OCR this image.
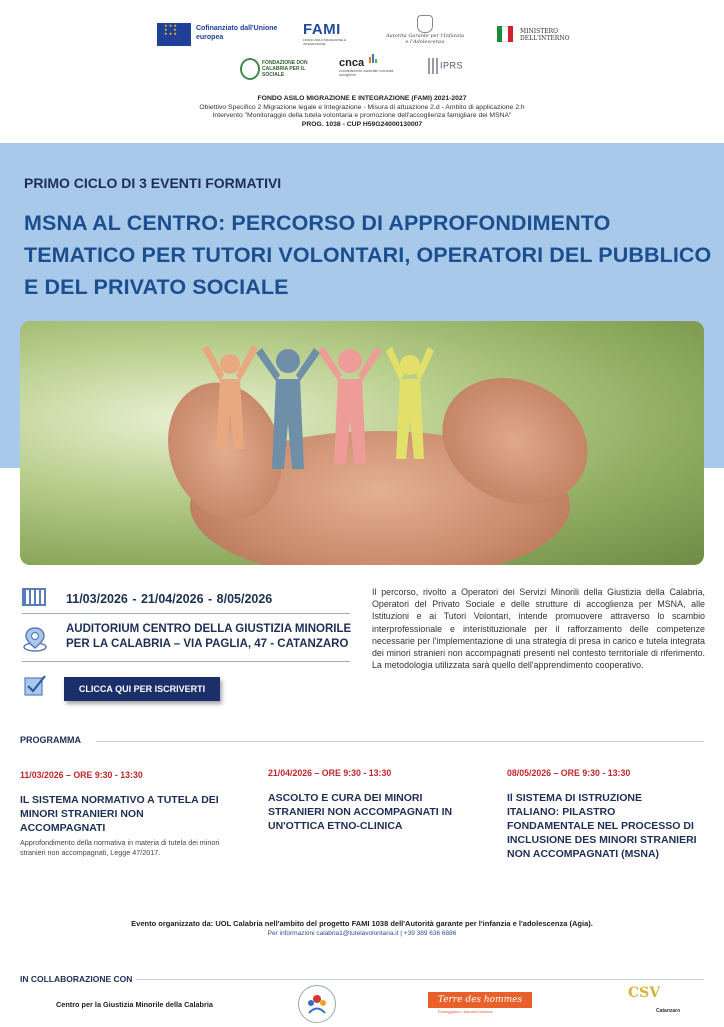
★ ★ ★
★     ★
★ ★ ★
Cofinanziato dall'Unione europea	FAMI
FONDO ASILO MIGRAZIONE E INTEGRAZIONE
Autorità Garante per l'Infanzia e l'Adolescenza
MINISTERO DELL'INTERNO
FONDAZIONE DON CALABRIA PER IL SOCIALE
cnca
coordinamento nazionale comunità accoglienti
IPRS
FONDO ASILO MIGRAZIONE E INTEGRAZIONE (FAMI) 2021-2027
Obiettivo Specifico 2 Migrazione legale e Integrazione - Misura di attuazione 2.d - Ambito di applicazione 2.h
Intervento "Monitoraggio della tutela volontaria e promozione dell'accoglienza famigliare dei MSNA"
PROG. 1038 - CUP H59G24000130007
PRIMO CICLO DI 3 EVENTI FORMATIVI
MSNA AL CENTRO: PERCORSO DI APPROFONDIMENTO TEMATICO PER TUTORI VOLONTARI, OPERATORI DEL PUBBLICO E DEL PRIVATO SOCIALE
11/03/2026 - 21/04/2026 - 8/05/2026
AUDITORIUM CENTRO DELLA GIUSTIZIA MINORILE PER LA CALABRIA – VIA PAGLIA, 47 - CATANZARO
CLICCA QUI PER ISCRIVERTI
Il percorso, rivolto a Operatori dei Servizi Minorili della Giustizia della Calabria, Operatori del Privato Sociale e delle strutture di accoglienza per MSNA, alle Istituzioni e ai Tutori Volontari, intende promuovere attraverso lo scambio interprofessionale e interistituzionale per il rafforzamento delle competenze necessarie per l'implementazione di una strategia di presa in carico e tutela integrata dei minori stranieri non accompagnati presenti nel contesto territoriale di riferimento. La metodologia utilizzata sarà quello dell'apprendimento cooperativo.
PROGRAMMA
11/03/2026 – ORE 9:30 - 13:30
IL SISTEMA NORMATIVO A TUTELA DEI MINORI STRANIERI NON ACCOMPAGNATI
Approfondimento della normativa in materia di tutela dei minori stranieri non accompagnati, Legge 47/2017.
21/04/2026 – ORE 9:30 - 13:30
ASCOLTO E CURA DEI MINORI STRANIERI NON ACCOMPAGNATI IN UN'OTTICA ETNO-CLINICA
08/05/2026 – ORE 9:30 - 13:30
Il SISTEMA DI ISTRUZIONE ITALIANO: PILASTRO FONDAMENTALE NEL PROCESSO DI INCLUSIONE DES MINORI STRANIERI NON ACCOMPAGNATI (MSNA)
Evento organizzato da: UOL Calabria nell'ambito del progetto FAMI 1038 dell'Autorità garante per l'infanzia e l'adolescenza (Agia).
Per informazioni calabria1@tutelavolontaria.it | +39 389 636 6886
IN COLLABORAZIONE CON
Centro per la Giustizia Minorile della Calabria	Terre des hommes
Proteggiamo i bambini insieme
CSV
Catanzaro
